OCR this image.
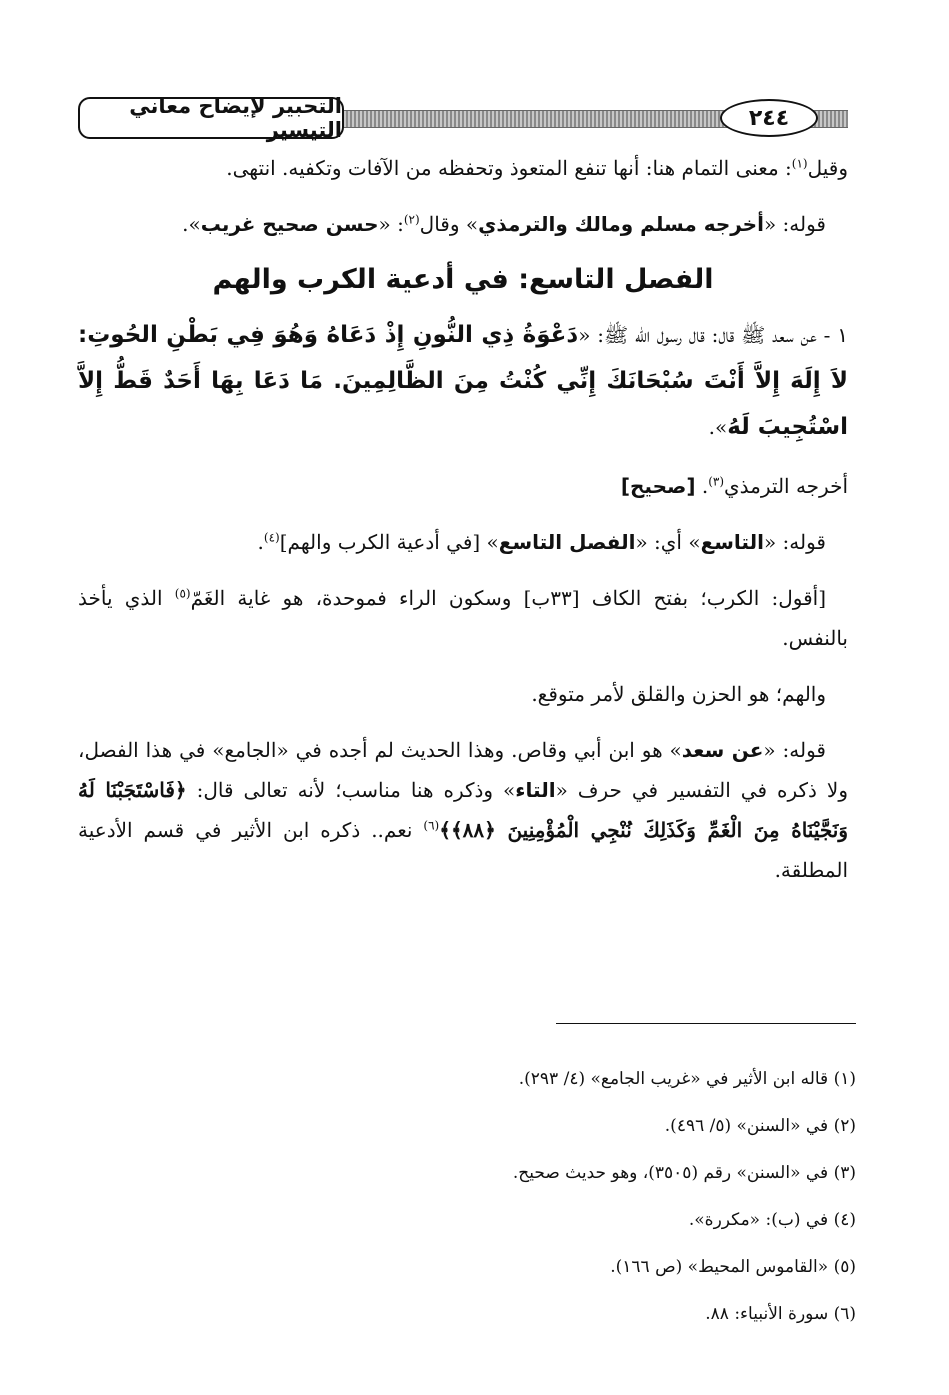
التحبير لإيضاح معاني التيسير	٢٤٤

وقيل$^{(١)}$: معنى التمام هنا: أنها تنفع المتعوذ وتحفظه من الآفات وتكفيه. انتهى.

قوله: «أخرجه مسلم ومالك والترمذي» وقال$^{(٢)}$: «حسن صحيح غريب».

الفصل التاسع: في أدعية الكرب والهم

١ - عن سعد ﷺ قال: قال رسول الله ﷺ: «دَعْوَةُ ذِي النُّونِ إِذْ دَعَاهُ وَهُوَ فِي بَطْنِ الحُوتِ: لاَ إِلَهَ إِلاَّ أَنْتَ سُبْحَانَكَ إِنِّي كُنْتُ مِنَ الظَّالِمِينَ. مَا دَعَا بِهَا أَحَدٌ قَطُّ إِلاَّ اسْتُجِيبَ لَهُ».

أخرجه الترمذي$^{(٣)}$. [صحيح]

قوله: «التاسع» أي: «الفصل التاسع» [في أدعية الكرب والهم]$^{(٤)}$.

[أقول: الكرب؛ بفتح الكاف [٣٣ب] وسكون الراء فموحدة، هو غاية الغَمّ$^{(٥)}$ الذي يأخذ بالنفس.

والهم؛ هو الحزن والقلق لأمر متوقع.

قوله: «عن سعد» هو ابن أبي وقاص. وهذا الحديث لم أجده في «الجامع» في هذا الفصل، ولا ذكره في التفسير في حرف «التاء» وذكره هنا مناسب؛ لأنه تعالى قال: ﴿فَاسْتَجَبْنَا لَهُ وَنَجَّيْنَاهُ مِنَ الْغَمِّ وَكَذَلِكَ نُنْجِي الْمُؤْمِنِينَ ﴿٨٨﴾﴾$^{(٦)}$ نعم.. ذكره ابن الأثير في قسم الأدعية المطلقة.

(١) قاله ابن الأثير في «غريب الجامع» (٤/ ٢٩٣).
(٢) في «السنن» (٥/ ٤٩٦).
(٣) في «السنن» رقم (٣٥٠٥)، وهو حديث صحيح.
(٤) في (ب): «مكررة».
(٥) «القاموس المحيط» (ص ١٦٦).
(٦) سورة الأنبياء: ٨٨.
